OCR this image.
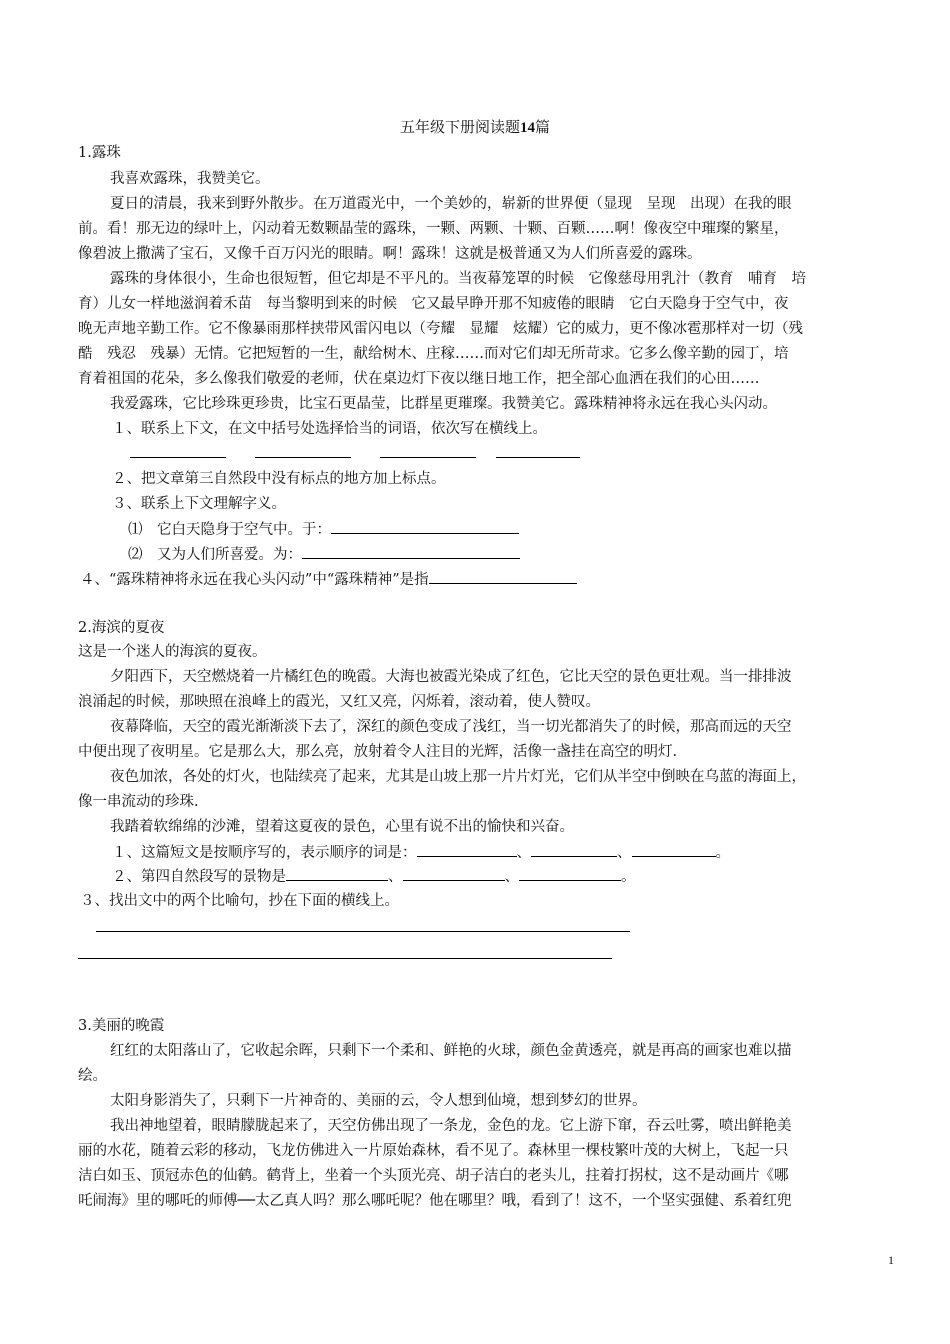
五年级下册阅读题14篇
1.露珠
我喜欢露珠，我赞美它。
夏日的清晨，我来到野外散步。在万道霞光中，一个美妙的，崭新的世界便（显现　呈现　出现）在我的眼
前。看！那无边的绿叶上，闪动着无数颗晶莹的露珠，一颗、两颗、十颗、百颗……啊！像夜空中璀璨的繁星，
像碧波上撒满了宝石，又像千百万闪光的眼睛。啊！露珠！这就是极普通又为人们所喜爱的露珠。
露珠的身体很小，生命也很短暂，但它却是不平凡的。当夜幕笼罩的时候　它像慈母用乳汁（教育　哺育　培
育）儿女一样地滋润着禾苗　每当黎明到来的时候　它又最早睁开那不知疲倦的眼睛　它白天隐身于空气中，夜
晚无声地辛勤工作。它不像暴雨那样挟带风雷闪电以（夸耀　显耀　炫耀）它的威力，更不像冰雹那样对一切（残
酷　残忍　残暴）无情。它把短暂的一生，献给树木、庄稼……而对它们却无所苛求。它多么像辛勤的园丁，培
育着祖国的花朵，多么像我们敬爱的老师，伏在桌边灯下夜以继日地工作，把全部心血洒在我们的心田……
我爱露珠，它比珍珠更珍贵，比宝石更晶莹，比群星更璀璨。我赞美它。露珠精神将永远在我心头闪动。
１、联系上下文，在文中括号处选择恰当的词语，依次写在横线上。
２、把文章第三自然段中没有标点的地方加上标点。
３、联系上下文理解字义。
⑴　它白天隐身于空气中。于：
⑵　又为人们所喜爱。为：
４、“露珠精神将永远在我心头闪动”中“露珠精神”是指
2.海滨的夏夜
这是一个迷人的海滨的夏夜。
夕阳西下，天空燃烧着一片橘红色的晚霞。大海也被霞光染成了红色，它比天空的景色更壮观。当一排排波
浪涌起的时候，那映照在浪峰上的霞光，又红又亮，闪烁着，滚动着，使人赞叹。
夜幕降临，天空的霞光渐渐淡下去了，深红的颜色变成了浅红，当一切光都消失了的时候，那高而远的天空
中便出现了夜明星。它是那么大，那么亮，放射着令人注目的光辉，活像一盏挂在高空的明灯.
夜色加浓，各处的灯火，也陆续亮了起来，尤其是山坡上那一片片灯光，它们从半空中倒映在乌蓝的海面上，
像一串流动的珍珠.
我踏着软绵绵的沙滩，望着这夏夜的景色，心里有说不出的愉快和兴奋。
１、这篇短文是按顺序写的，表示顺序的词是：	、	、	。
２、第四自然段写的景物是	、	、	。
３、找出文中的两个比喻句，抄在下面的横线上。
3.美丽的晚霞
红红的太阳落山了，它收起余晖，只剩下一个柔和、鲜艳的火球，颜色金黄透亮，就是再高的画家也难以描
绘。
太阳身影消失了，只剩下一片神奇的、美丽的云，令人想到仙境，想到梦幻的世界。
我出神地望着，眼睛朦胧起来了，天空仿佛出现了一条龙，金色的龙。它上游下窜，吞云吐雾，喷出鲜艳美
丽的水花，随着云彩的移动，飞龙仿佛进入一片原始森林，看不见了。森林里一棵枝繁叶茂的大树上，飞起一只
洁白如玉、顶冠赤色的仙鹤。鹤背上，坐着一个头顶光亮、胡子洁白的老头儿，拄着打拐杖，这不是动画片《哪
吒闹海》里的哪吒的师傅──太乙真人吗？那么哪吒呢？他在哪里？哦，看到了！这不，一个坚实强健、系着红兜
1
